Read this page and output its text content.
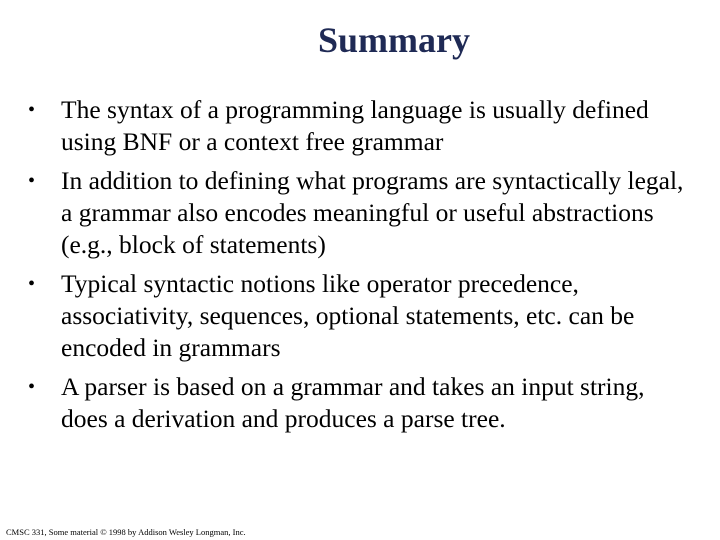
Summary
•	The syntax of a programming language is usually defined using BNF or a context free grammar
•	In addition to defining what programs are syntactically legal, a grammar also encodes meaningful or useful abstractions (e.g., block of statements)
•	Typical syntactic notions like operator precedence, associativity, sequences, optional statements, etc. can be encoded in grammars
•	A parser is based on a grammar and takes an input string, does a derivation and produces a parse tree.
CMSC 331, Some material © 1998 by Addison Wesley Longman, Inc.
